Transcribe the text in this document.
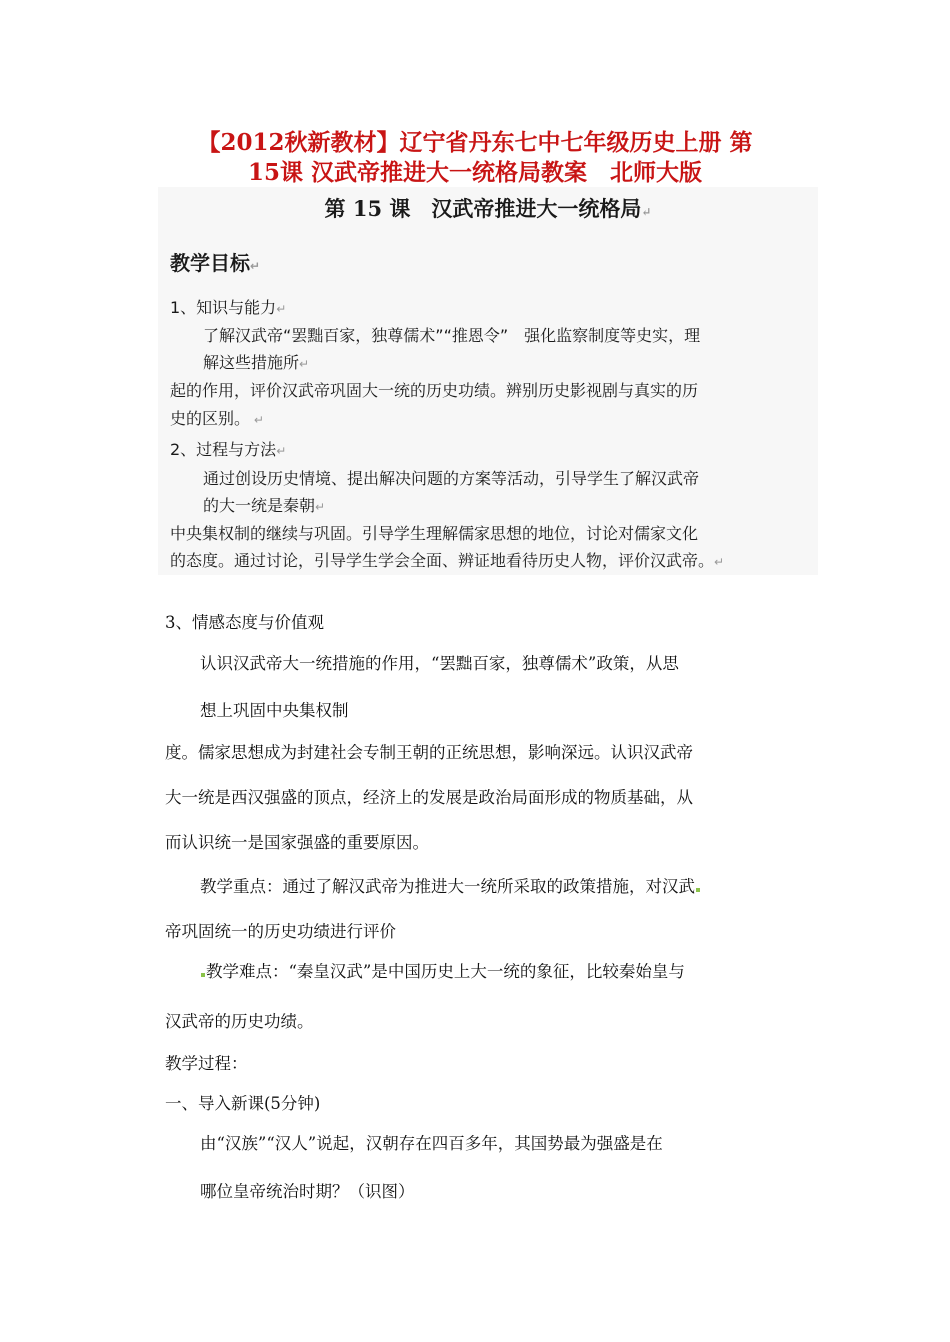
【2012秋新教材】辽宁省丹东七中七年级历史上册 第
15课 汉武帝推进大一统格局教案　北师大版
第 15 课　汉武帝推进大一统格局↵
教学目标↵
1、知识与能力↵
了解汉武帝“罢黜百家，独尊儒术”“推恩令”　强化监察制度等史实，理
解这些措施所↵
起的作用，评价汉武帝巩固大一统的历史功绩。辨别历史影视剧与真实的历
史的区别。 ↵
2、过程与方法↵
通过创设历史情境、提出解决问题的方案等活动，引导学生了解汉武帝
的大一统是秦朝↵
中央集权制的继续与巩固。引导学生理解儒家思想的地位，讨论对儒家文化
的态度。通过讨论，引导学生学会全面、辨证地看待历史人物，评价汉武帝。↵
3、情感态度与价值观
认识汉武帝大一统措施的作用，“罢黜百家，独尊儒术”政策，从思
想上巩固中央集权制
度。儒家思想成为封建社会专制王朝的正统思想，影响深远。认识汉武帝
大一统是西汉强盛的顶点，经济上的发展是政治局面形成的物质基础，从
而认识统一是国家强盛的重要原因。
教学重点：通过了解汉武帝为推进大一统所采取的政策措施，对汉武
帝巩固统一的历史功绩进行评价
教学难点：“秦皇汉武”是中国历史上大一统的象征，比较秦始皇与
汉武帝的历史功绩。
教学过程：
一、导入新课(5分钟)
由“汉族”“汉人”说起，汉朝存在四百多年，其国势最为强盛是在
哪位皇帝统治时期？（识图）
